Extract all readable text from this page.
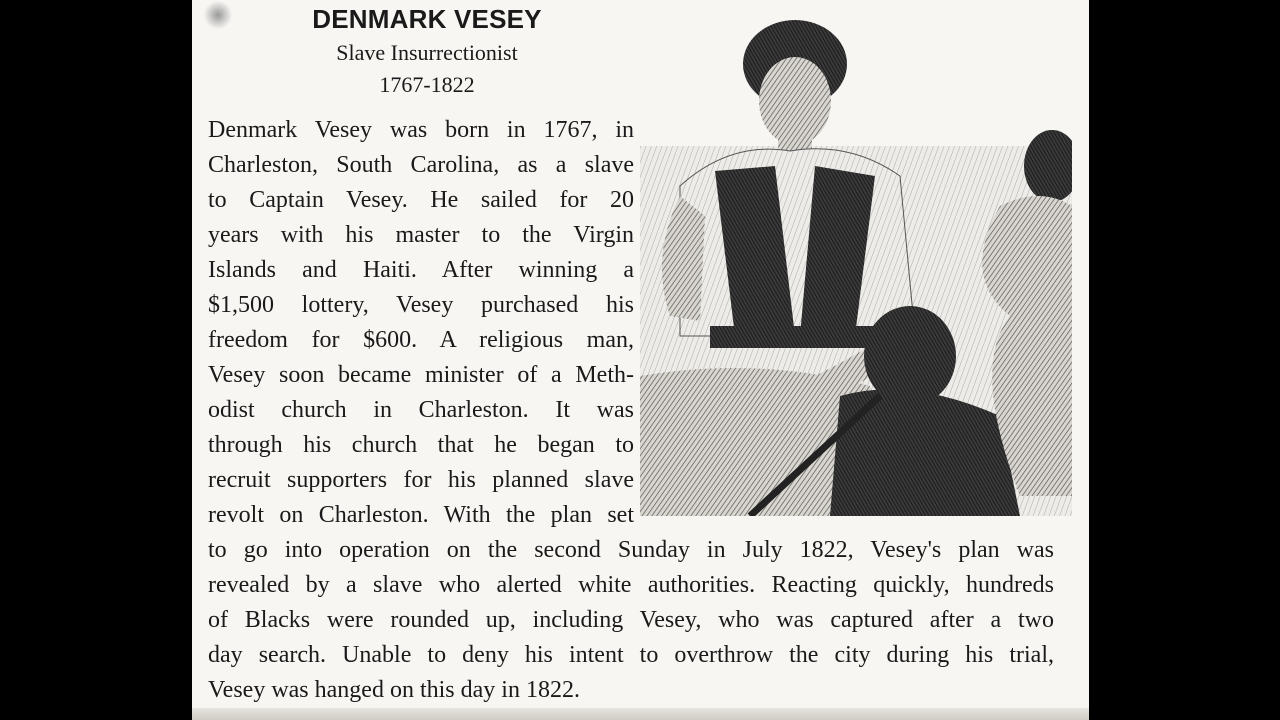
DENMARK VESEY
Slave Insurrectionist
1767-1822
Denmark Vesey was born in 1767, in
Charleston, South Carolina, as a slave
to Captain Vesey. He sailed for 20
years with his master to the Virgin
Islands and Haiti. After winning a
$1,500 lottery, Vesey purchased his
freedom for $600. A religious man,
Vesey soon became minister of a Meth-
odist church in Charleston. It was
through his church that he began to
recruit supporters for his planned slave
revolt on Charleston. With the plan set
to go into operation on the second Sunday in July 1822, Vesey's plan was
revealed by a slave who alerted white authorities. Reacting quickly, hundreds
of Blacks were rounded up, including Vesey, who was captured after a two
day search. Unable to deny his intent to overthrow the city during his trial,
Vesey was hanged on this day in 1822.
